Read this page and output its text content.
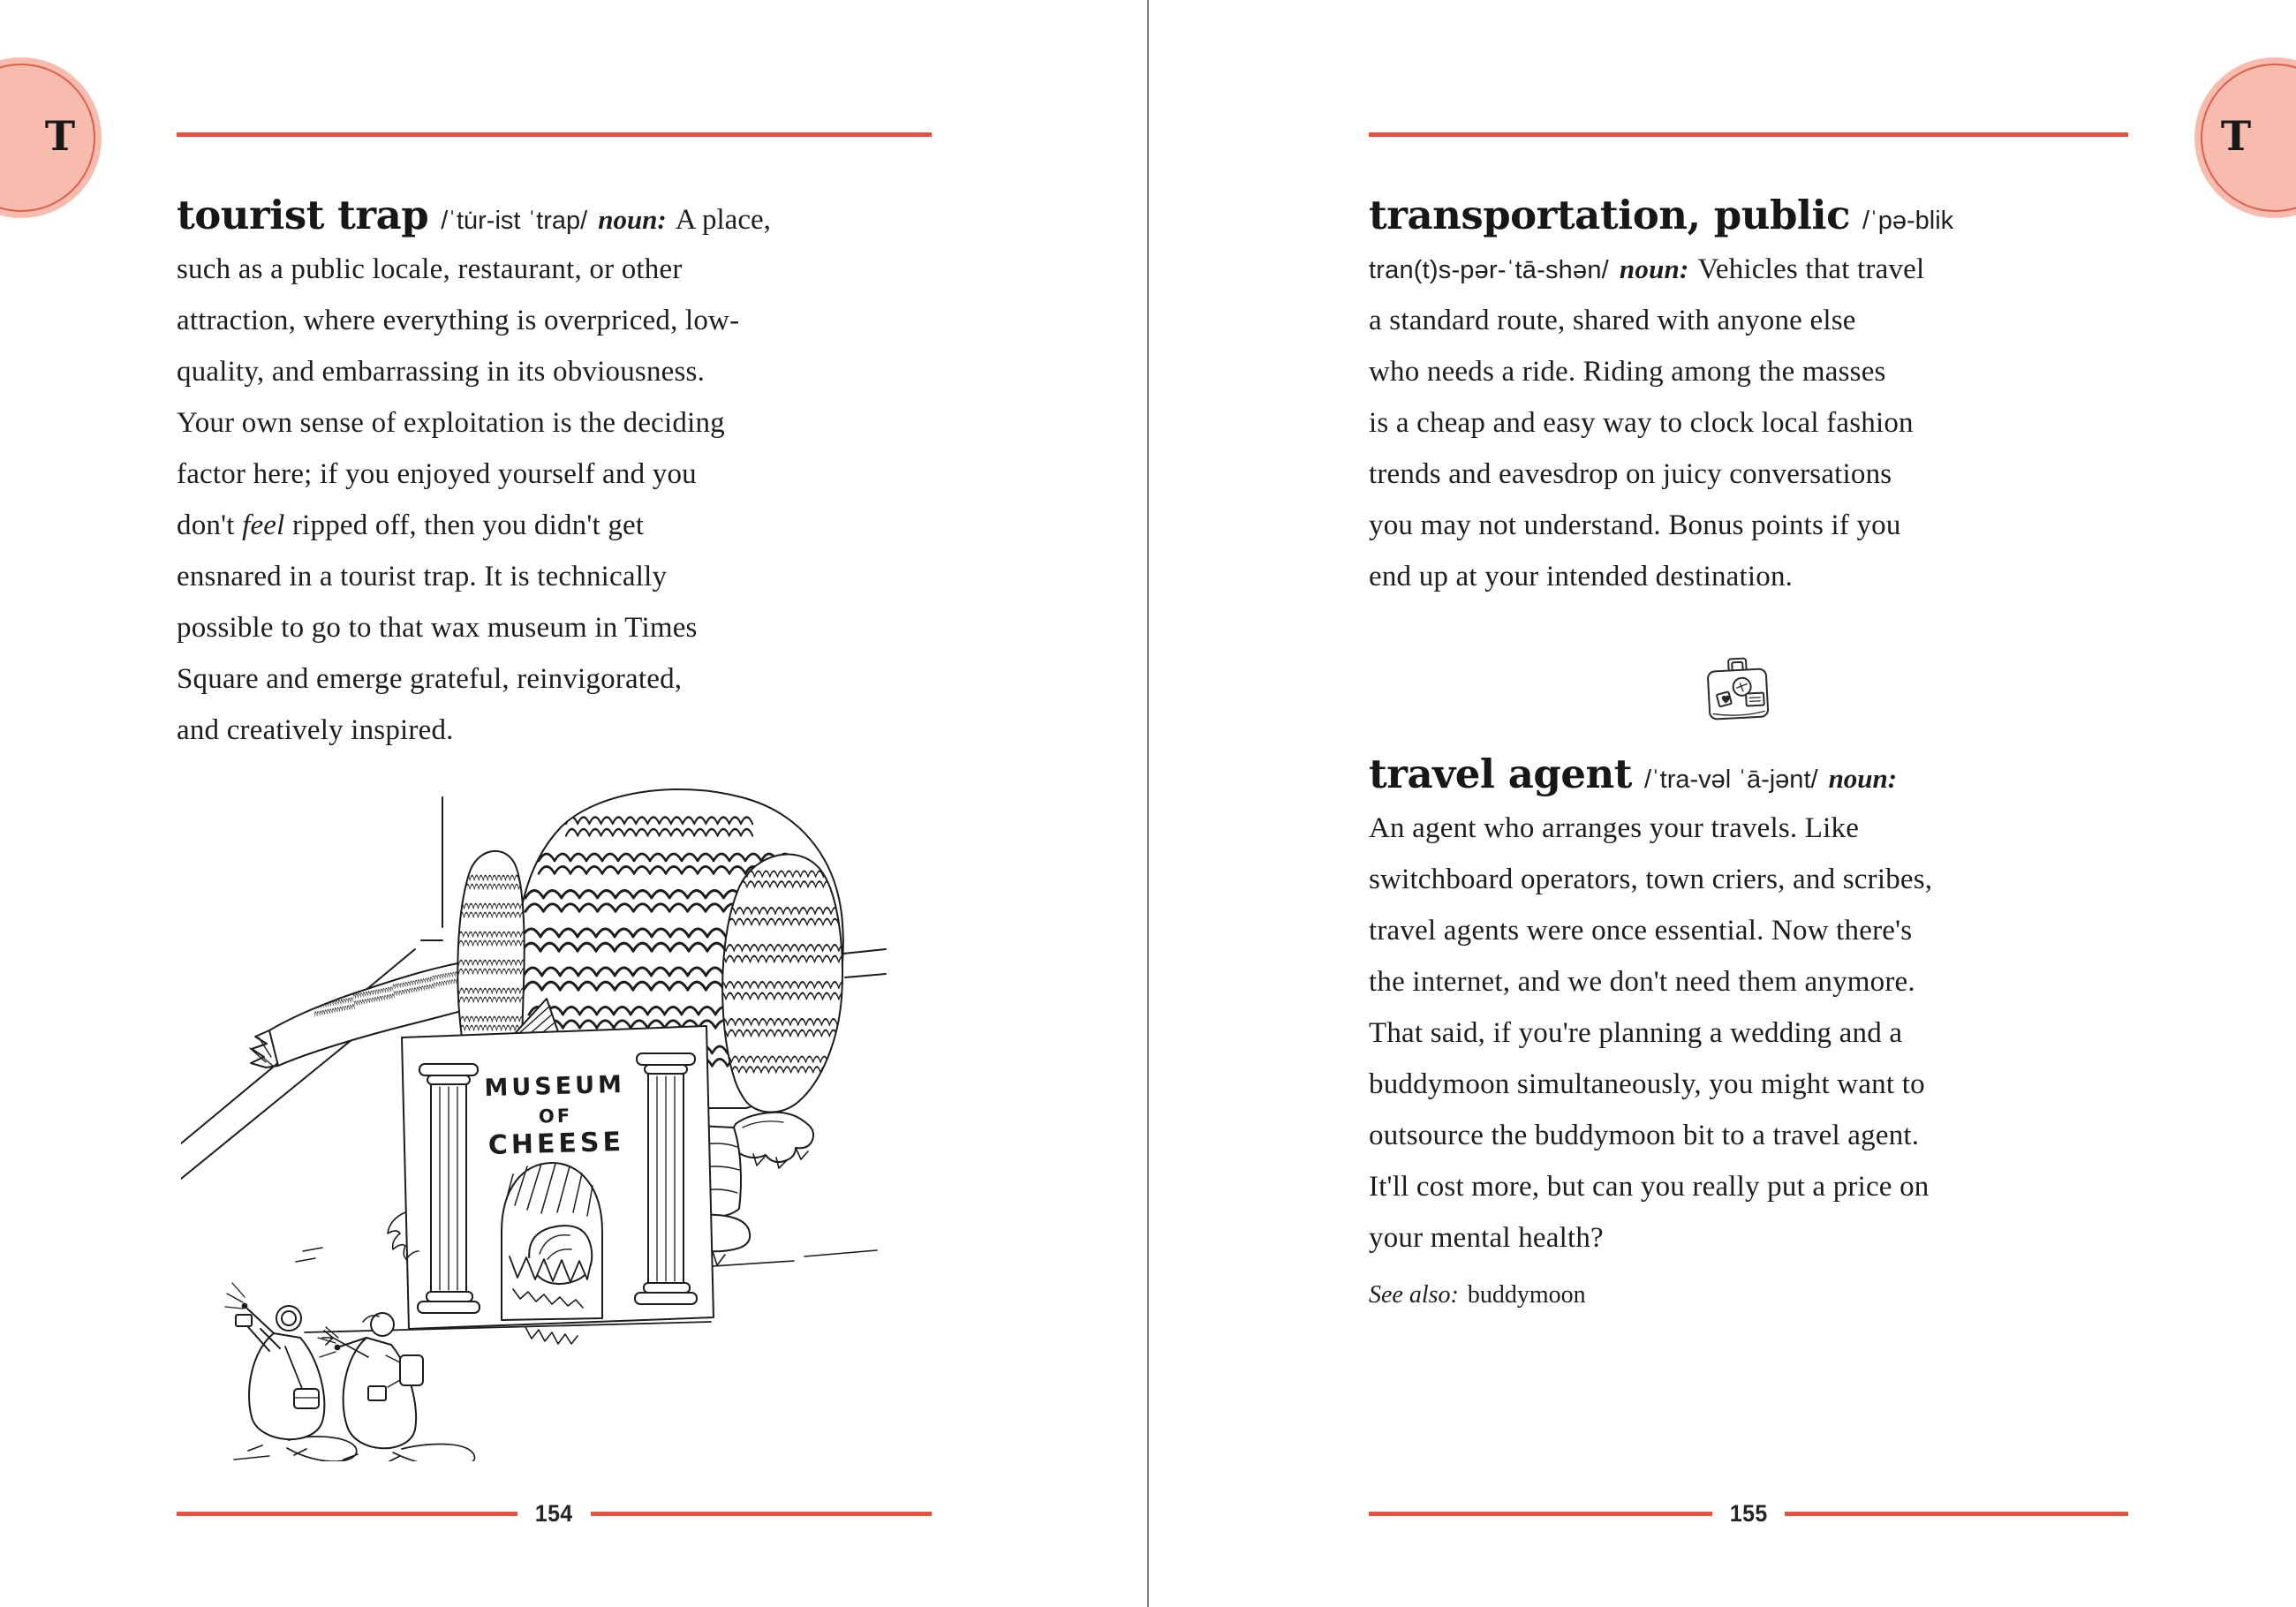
T	T
tourist trap /ˈtu̇r-ist ˈtrap/ noun: A place,
such as a public locale, restaurant, or other
attraction, where everything is overpriced, low-
quality, and embarrassing in its obviousness.
Your own sense of exploitation is the deciding
factor here; if you enjoyed yourself and you
don't feel ripped off, then you didn't get
ensnared in a tourist trap. It is technically
possible to go to that wax museum in Times
Square and emerge grateful, reinvigorated,
and creatively inspired.
MUSEUM
OF
CHEESE
transportation, public /ˈpə-blik
tran(t)s-pər-ˈtā-shən/ noun: Vehicles that travel
a standard route, shared with anyone else
who needs a ride. Riding among the masses
is a cheap and easy way to clock local fashion
trends and eavesdrop on juicy conversations
you may not understand. Bonus points if you
end up at your intended destination.
travel agent /ˈtra-vəl ˈā-jənt/ noun:
An agent who arranges your travels. Like
switchboard operators, town criers, and scribes,
travel agents were once essential. Now there's
the internet, and we don't need them anymore.
That said, if you're planning a wedding and a
buddymoon simultaneously, you might want to
outsource the buddymoon bit to a travel agent.
It'll cost more, but can you really put a price on
your mental health?
See also: buddymoon
154	155
